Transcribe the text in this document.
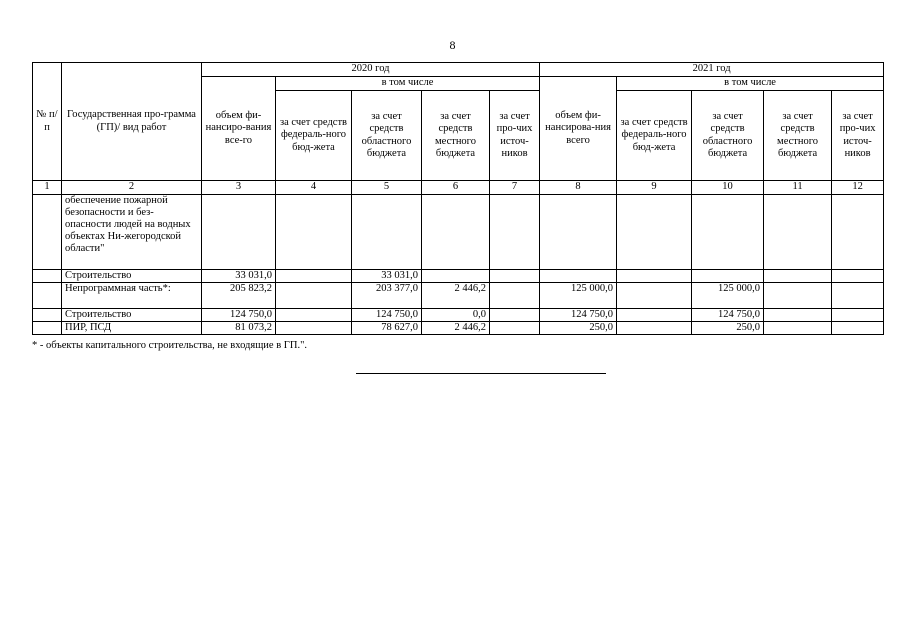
8
№ п/п	Государственная про-грамма (ГП)/ вид работ	2020 год					2021 год				
		объем фи-нансиро-вания все-го	в том числе				объем фи-нансирова-ния всего	в том числе			
			за счет средств федераль-ного бюд-жета	за счет средств областного бюджета	за счет средств местного бюджета	за счет про-чих источ-ников		за счет средств федераль-ного бюд-жета	за счет средств областного бюджета	за счет средств местного бюджета	за счет про-чих источ-ников
1	2	3	4	5	6	7	8	9	10	11	12
	обеспечение пожарной безопасности и без-опасности людей на водных объектах Ни-жегородской области"										
	Строительство	33 031,0		33 031,0							
	Непрограммная часть*:	205 823,2		203 377,0	2 446,2		125 000,0		125 000,0		
	Строительство	124 750,0		124 750,0	0,0		124 750,0		124 750,0		
	ПИР, ПСД	81 073,2		78 627,0	2 446,2		250,0		250,0		
* - объекты капитального строительства, не входящие в ГП.".
